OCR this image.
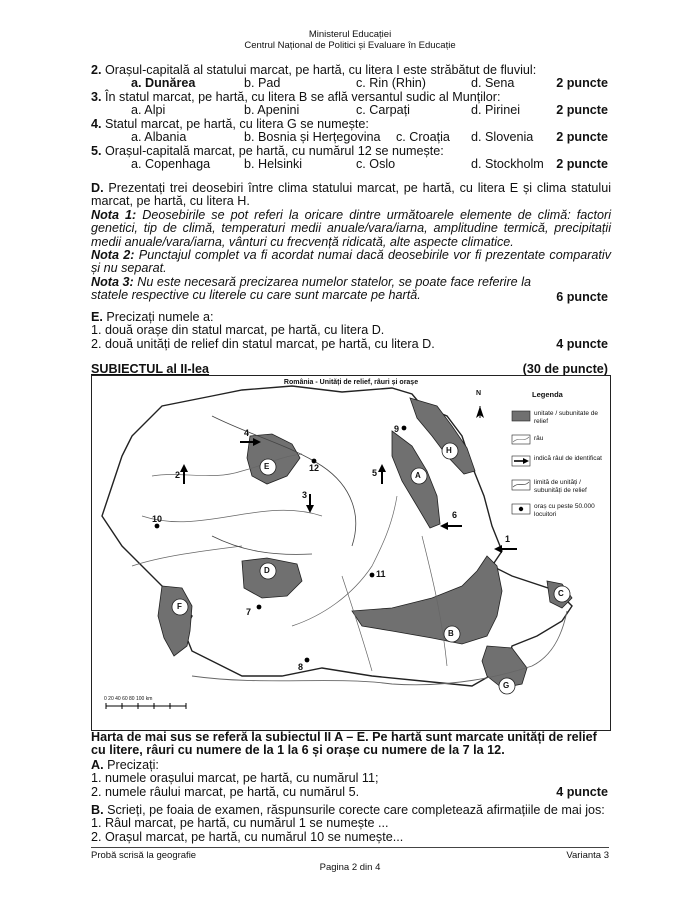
Ministerul Educației
Centrul Național de Politici și Evaluare în Educație
2. Orașul-capitală al statului marcat, pe hartă, cu litera I este străbătut de fluviul:
a. Dunărea	b. Pad	c. Rin (Rhin)	d. Sena	2 puncte
3. În statul marcat, pe hartă, cu litera B se află versantul sudic al Munților:
a. Alpi	b. Apenini	c. Carpați	d. Pirinei	2 puncte
4. Statul marcat, pe hartă, cu litera G se numește:
a. Albania	b. Bosnia și Herțegovina c. Croația d. Slovenia 2 puncte
5. Orașul-capitală marcat, pe hartă, cu numărul 12 se numește:
a. Copenhaga	b. Helsinki	c. Oslo	d. Stockholm 2 puncte
D. Prezentați trei deosebiri între clima statului marcat, pe hartă, cu litera E și clima statului marcat, pe hartă, cu litera H.
Nota 1: Deosebirile se pot referi la oricare dintre următoarele elemente de climă: factori genetici, tip de climă, temperaturi medii anuale/vara/iarna, amplitudine termică, precipitații medii anuale/vara/iarna, vânturi cu frecvență ridicată, alte aspecte climatice.
Nota 2: Punctajul complet va fi acordat numai dacă deosebirile vor fi prezentate comparativ și nu separat.
Nota 3: Nu este necesară precizarea numelor statelor, se poate face referire la statele respective cu literele cu care sunt marcate pe hartă.	6 puncte
E. Precizați numele a:
1. două orașe din statul marcat, pe hartă, cu litera D.
2. două unități de relief din statul marcat, pe hartă, cu litera D.	4 puncte
SUBIECTUL al II-lea	(30 de puncte)
România - Unități de relief, râuri și orașe
Legenda
unitate / subunitate de relief
râu
indică râul de identificat
limită de unități / subunități de relief
oraș cu peste 50.000 locuitori
N
0 20 40 60 80 100 km
H
A
E
D
F
B
C
G
1
2
3
4
5
6
7
8
9
10
11
12
Harta de mai sus se referă la subiectul II A – E. Pe hartă sunt marcate unități de relief cu litere, râuri cu numere de la 1 la 6 și orașe cu numere de la 7 la 12.
A. Precizați:
1. numele orașului marcat, pe hartă, cu numărul 11;
2. numele râului marcat, pe hartă, cu numărul 5.	4 puncte
B. Scrieți, pe foaia de examen, răspunsurile corecte care completează afirmațiile de mai jos:
1. Râul marcat, pe hartă, cu numărul 1 se numește ...
2. Orașul marcat, pe hartă, cu numărul 10 se numește...
Probă scrisă la geografie	Varianta 3
Pagina 2 din 4
